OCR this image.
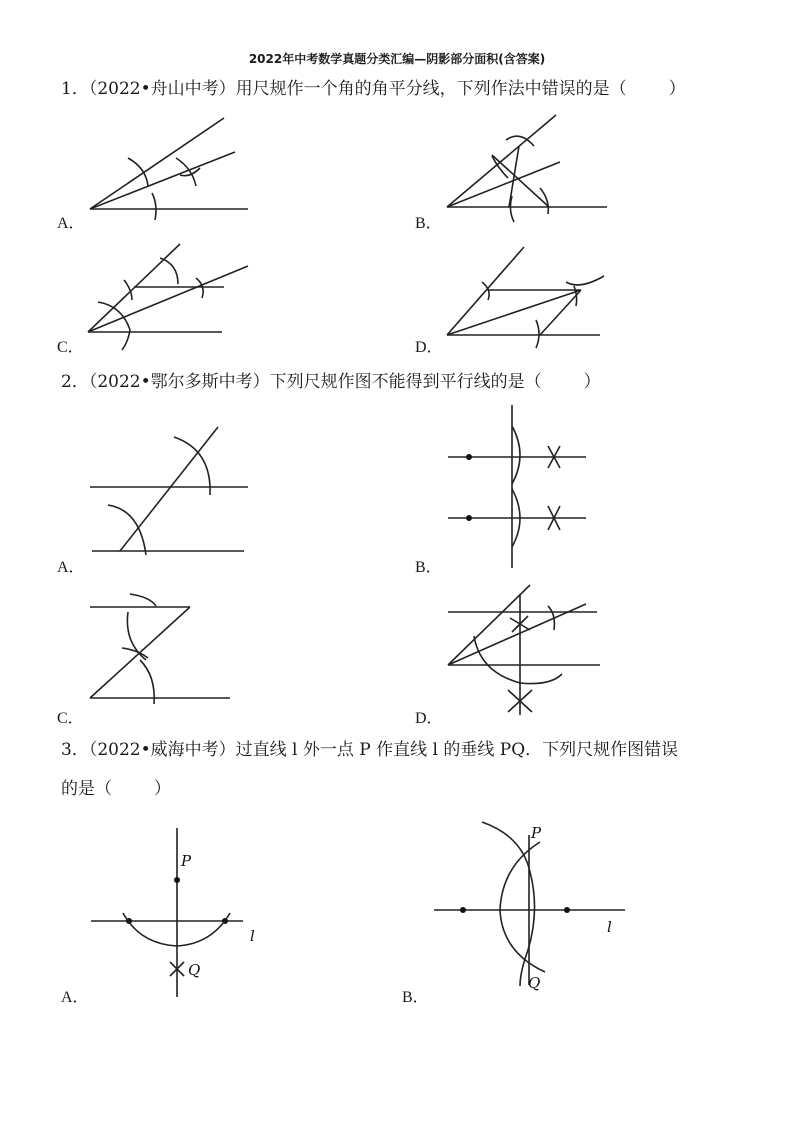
2022年中考数学真题分类汇编—阴影部分面积(含答案)
1．（2022•舟山中考）用尺规作一个角的角平分线，下列作法中错误的是（ ）
2．（2022•鄂尔多斯中考）下列尺规作图不能得到平行线的是（ ）
3．（2022•威海中考）过直线 l 外一点 P 作直线 l 的垂线 PQ．下列尺规作图错误
的是（ ）
A．	B．
C．	D．
A．	B．
C．	D．
A．	B．
P
Q
l
P
Q
l
